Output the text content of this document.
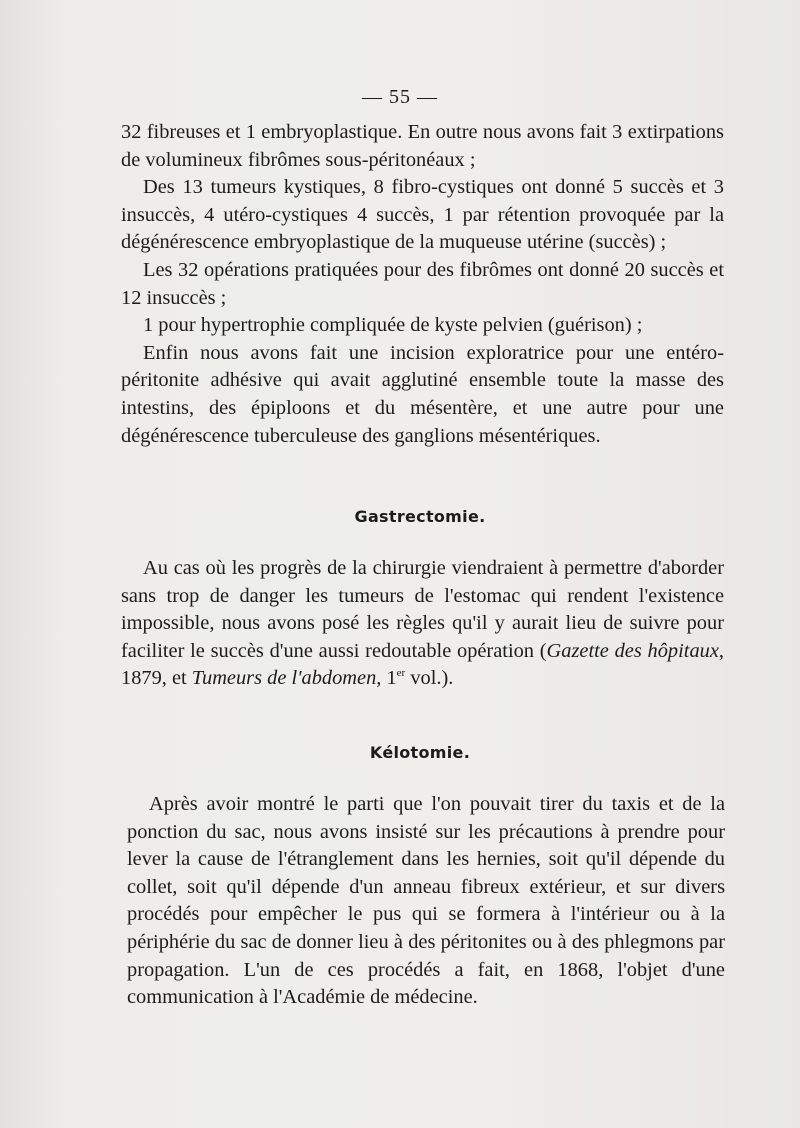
— 55 —

32 fibreuses et 1 embryoplastique. En outre nous avons fait 3 extirpations de volumineux fibrômes sous-péritonéaux ;

Des 13 tumeurs kystiques, 8 fibro-cystiques ont donné 5 succès et 3 insuccès, 4 utéro-cystiques 4 succès, 1 par rétention provoquée par la dégénérescence embryoplastique de la muqueuse utérine (succès) ;

Les 32 opérations pratiquées pour des fibrômes ont donné 20 succès et 12 insuccès ;

1 pour hypertrophie compliquée de kyste pelvien (guérison) ;

Enfin nous avons fait une incision exploratrice pour une entéro-péritonite adhésive qui avait agglutiné ensemble toute la masse des intestins, des épiploons et du mésentère, et une autre pour une dégénérescence tuberculeuse des ganglions mésentériques.

Gastrectomie.

Au cas où les progrès de la chirurgie viendraient à permettre d'aborder sans trop de danger les tumeurs de l'estomac qui rendent l'existence impossible, nous avons posé les règles qu'il y aurait lieu de suivre pour faciliter le succès d'une aussi redoutable opération (Gazette des hôpitaux, 1879, et Tumeurs de l'abdomen, 1er vol.).

Kélotomie.

Après avoir montré le parti que l'on pouvait tirer du taxis et de la ponction du sac, nous avons insisté sur les précautions à prendre pour lever la cause de l'étranglement dans les hernies, soit qu'il dépende du collet, soit qu'il dépende d'un anneau fibreux extérieur, et sur divers procédés pour empêcher le pus qui se formera à l'intérieur ou à la périphérie du sac de donner lieu à des péritonites ou à des phlegmons par propagation. L'un de ces procédés a fait, en 1868, l'objet d'une communication à l'Académie de médecine.
